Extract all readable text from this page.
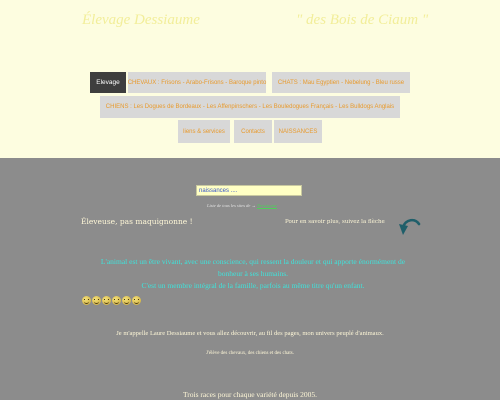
Élevage Dessiaume	" des Bois de Ciaum "
Elevage	CHEVAUX : Frisons - Arabo-Frisons - Baroque pinto	CHATS : Mau Egyptien - Nebelung - Bleu russe
CHIENS : Les Dogues de Bordeaux - Les Affenpinschers - Les Bouledogues Français - Les Bulldogs Anglais
liens & services	Contacts	NAISSANCES
naissances ....
Liste de tous les sites de → Dessiaume
Éleveuse, pas maquignonne !	Pour en savoir plus, suivez la flèche
L'animal est un être vivant, avec une conscience, qui ressent la douleur et qui apporte énormément de bonheur à ses humains.
C'est un membre intégral de la famille, parfois au même titre qu'un enfant.
Je m'appelle Laure Dessiaume et vous allez découvrir, au fil des pages, mon univers peuplé d'animaux.
J'élève des chevaux, des chiens et des chats.
Trois races pour chaque variété depuis 2005.
